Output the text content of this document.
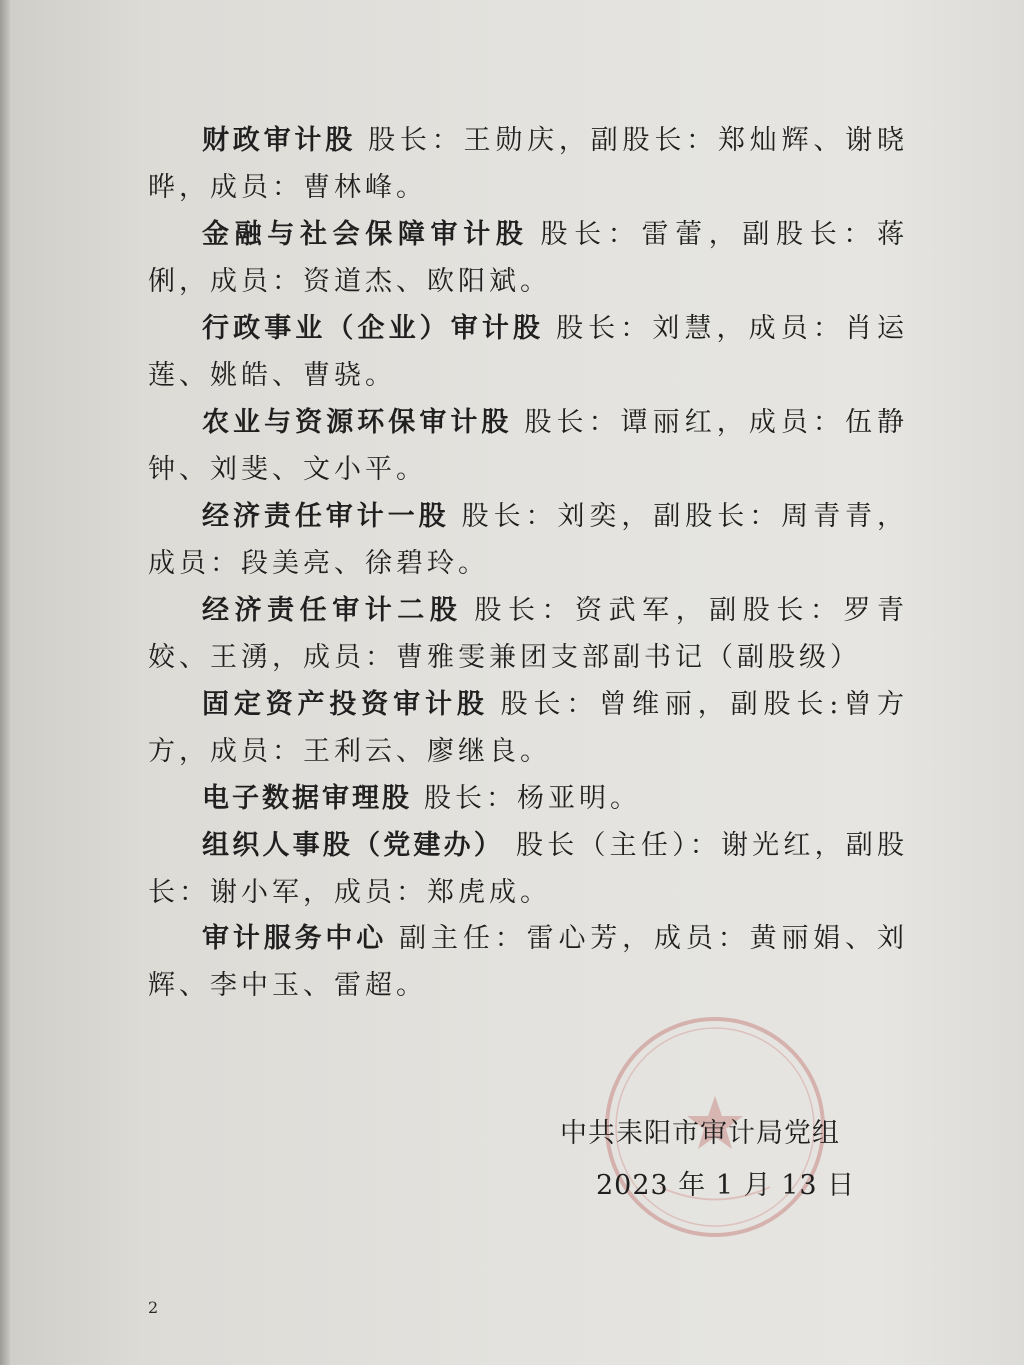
财政审计股 股长：王勋庆，副股长：郑灿辉、谢晓晔，成员：曹林峰。

金融与社会保障审计股 股长：雷蕾，副股长：蒋俐，成员：资道杰、欧阳斌。

行政事业（企业）审计股 股长：刘慧，成员：肖运莲、姚皓、曹骁。

农业与资源环保审计股 股长：谭丽红，成员：伍静钟、刘斐、文小平。

经济责任审计一股 股长：刘奕，副股长：周青青，成员：段美亮、徐碧玲。

经济责任审计二股 股长：资武军，副股长：罗青姣、王湧，成员：曹雅雯兼团支部副书记（副股级）

固定资产投资审计股 股长：曾维丽，副股长:曾方方，成员：王利云、廖继良。

电子数据审理股 股长：杨亚明。

组织人事股（党建办） 股长（主任）：谢光红，副股长：谢小军，成员：郑虎成。

审计服务中心 副主任：雷心芳，成员：黄丽娟、刘辉、李中玉、雷超。

中共耒阳市审计局党组

2023 年 1 月 13 日

2
